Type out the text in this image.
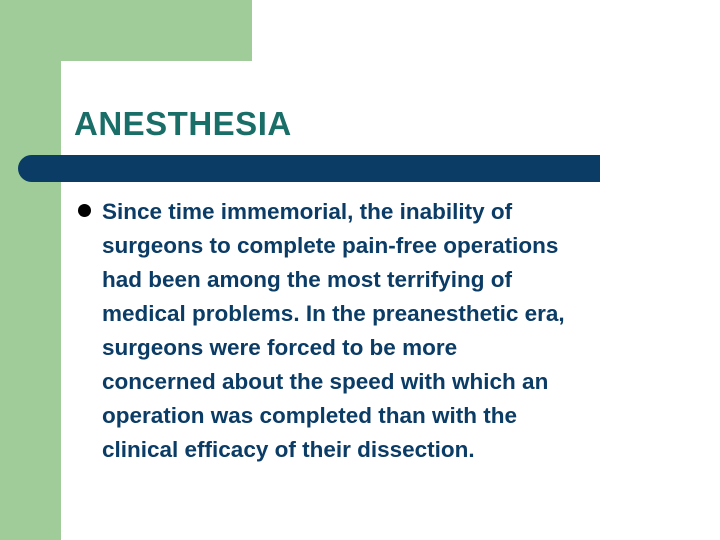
ANESTHESIA

Since time immemorial, the inability of
surgeons to complete pain-free operations
had been among the most terrifying of
medical problems. In the preanesthetic era,
surgeons were forced to be more
concerned about the speed with which an
operation was completed than with the
clinical efficacy of their dissection.
